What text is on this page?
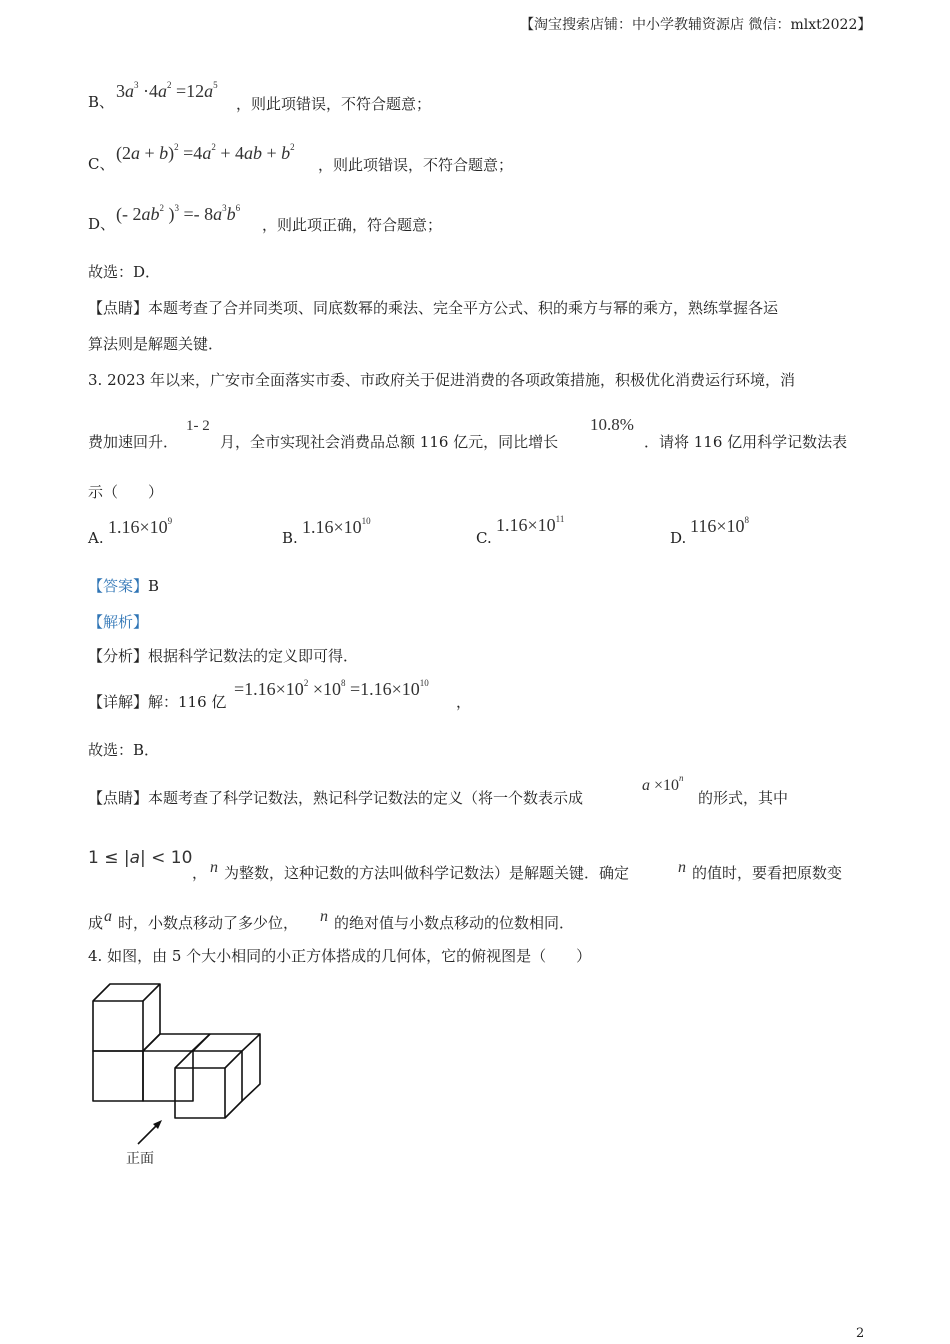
【淘宝搜索店铺：中小学教辅资源店 微信：mlxt2022】
B、
$3a^3 \cdot 4a^2 =12a^5$
，则此项错误，不符合题意；
C、
$(2a + b)^2 =4a^2 + 4ab + b^2$
，则此项错误，不符合题意；
D、 (- $2ab^2$ )$^3 =- 8a^3b^6$
，则此项正确，符合题意；
故选：D．
【点睛】本题考查了合并同类项、同底数幂的乘法、完全平方公式、积的乘方与幂的乘方，熟练掌握各运
算法则是解题关键．
3. 2023 年以来，广安市全面落实市委、市政府关于促进消费的各项政策措施，积极优化消费运行环境，消
费加速回升．
1- 2
月，全市实现社会消费品总额 116 亿元，同比增长
10.8%
．请将 116 亿用科学记数法表
示（　　）
A.
$1.16\times 10^9$
B.
$1.16\times 10^{10}$
C.
$1.16\times 10^{11}$
D.
$116\times 10^8$
【答案】B
【解析】
【分析】根据科学记数法的定义即可得．
【详解】解：116 亿
$=1.16\times 10^2 \times 10^8 =1.16\times 10^{10}$
，
故选：B．
【点睛】本题考查了科学记数法，熟记科学记数法的定义（将一个数表示成
$a \times 10^n$
的形式，其中
1 ≤ |a| < 10
， n 为整数，这种记数的方法叫做科学记数法）是解题关键．确定	n 的值时，要看把原数变
成 a 时，小数点移动了多少位， n 的绝对值与小数点移动的位数相同．
4. 如图，由 5 个大小相同的小正方体搭成的几何体，它的俯视图是（　　）
正面
2
